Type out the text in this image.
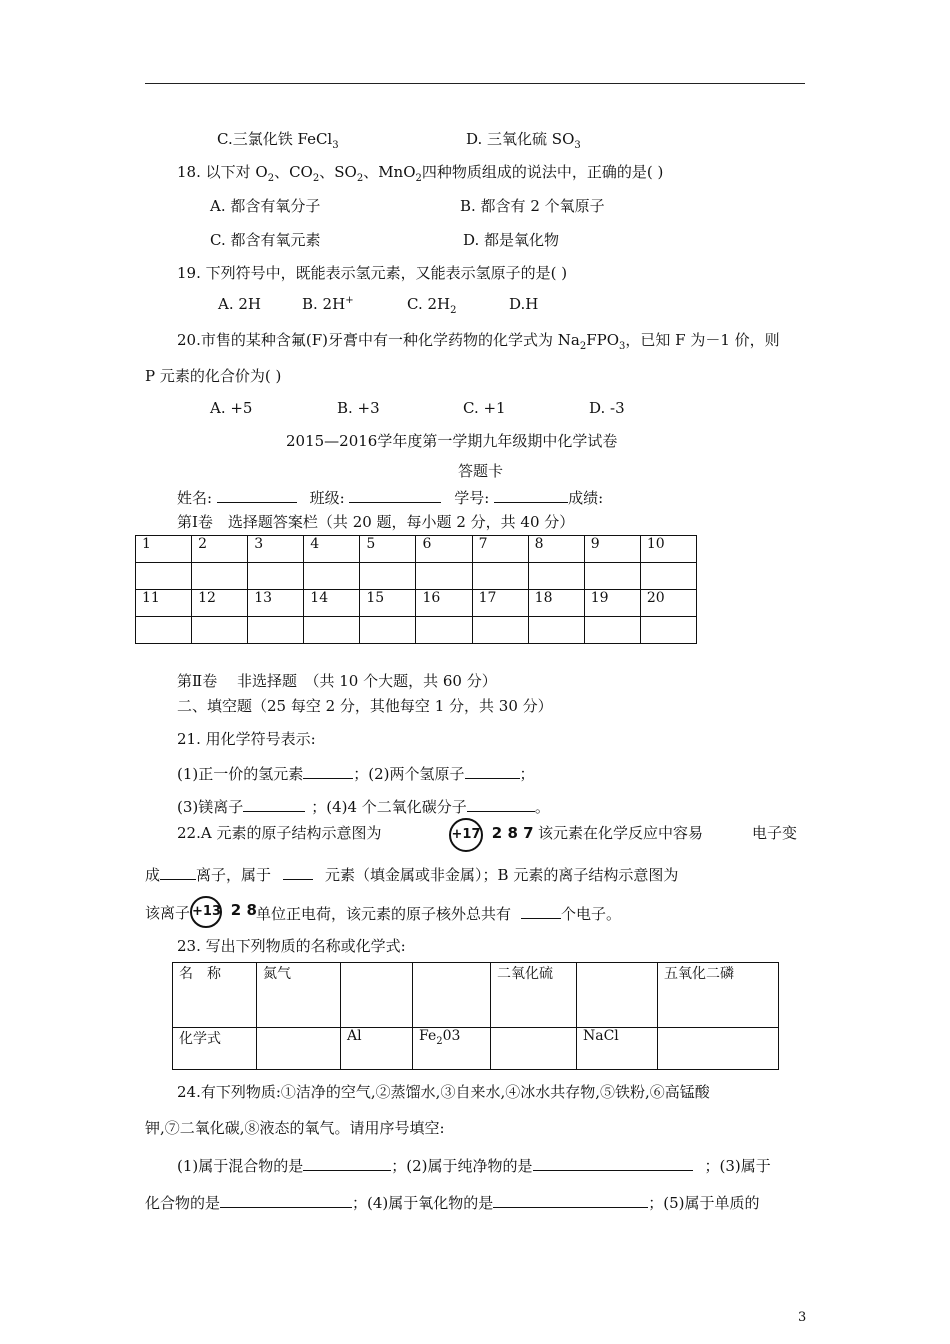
C.三氯化铁 FeCl$_3$	D. 三氧化硫 $SO_3$
18. 以下对 $O_2$、$CO_2$、$SO_2$、MnO$_2$四种物质组成的说法中，正确的是( )
A. 都含有氧分子	B. 都含有 2 个氧原子
C. 都含有氧元素	D. 都是氧化物
19. 下列符号中，既能表示氢元素，又能表示氢原子的是( )
A. 2H	B. 2H+	C. $2H_2$	D.H
20.市售的某种含氟(F)牙膏中有一种化学药物的化学式为 $Na_2FPO_3$，已知 F 为－1 价，则
P 元素的化合价为( )
A. +5	B. +3	C. +1	D. -3
2015—2016学年度第一学期九年级期中化学试卷
答题卡
姓名:	班级:	学号:	成绩:
第Ⅰ卷　选择题答案栏（共 20 题，每小题 2 分，共 40 分）
1	2	3	4	5	6	7	8	9	10

11	12	13	14	15	16	17	18	19	20

第Ⅱ卷　 非选择题　（共 10 个大题，共 60 分）
二、填空题（25 每空 2 分，其他每空 1 分，共 30 分）
21. 用化学符号表示:
(1)正一价的氢元素	；(2)两个氢原子	；
(3)镁离子	；(4)4 个二氧化碳分子	。
22.A 元素的原子结构示意图为	+17 2 8 7 该元素在化学反应中容易	电子变
成 离子，属于	元素（填金属或非金属）；B 元素的离子结构示意图为
该离子 +13 2 8 单位正电荷，该元素的原子核外总共有	个电子。
23. 写出下列物质的名称或化学式:
名　称	氮气			二氧化硫		五氧化二磷
化学式		Al	$Fe_203$		NaCl	
24.有下列物质:①洁净的空气,②蒸馏水,③自来水,④冰水共存物,⑤铁粉,⑥高锰酸
钾,⑦二氧化碳,⑧液态的氧气。请用序号填空:
(1)属于混合物的是	；(2)属于纯净物的是	；(3)属于
化合物的是	；(4)属于氧化物的是	；(5)属于单质的
3
